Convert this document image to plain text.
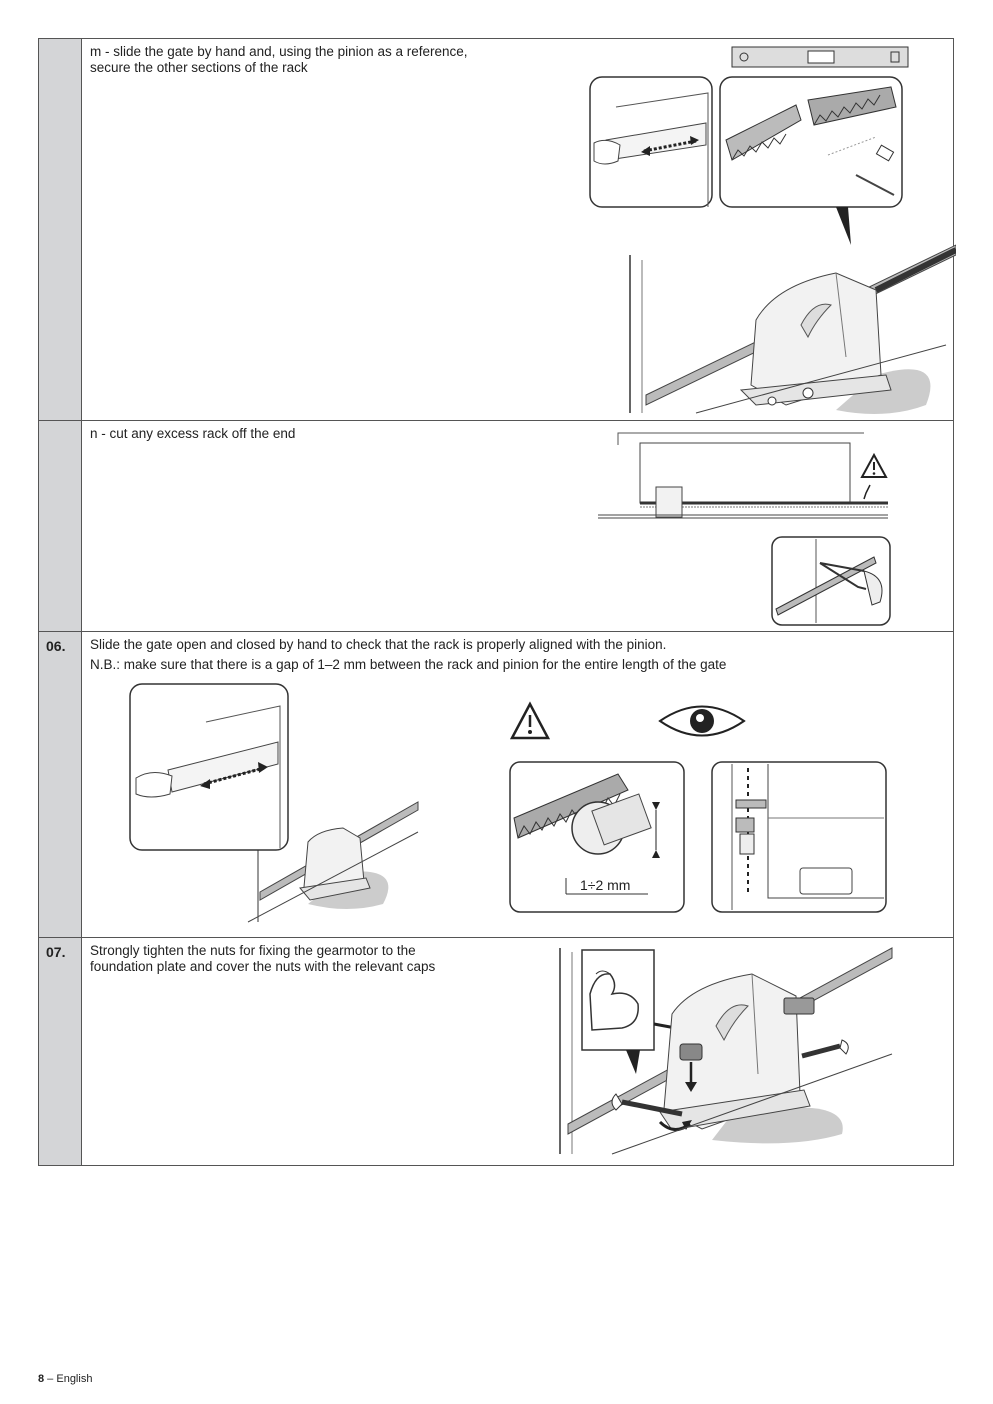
m - slide the gate by hand and, using the pinion as a reference, secure the other sections of the rack

n - cut any excess rack off the end

06.	Slide the gate open and closed by hand to check that the rack is properly aligned with the pinion.

N.B.: make sure that there is a gap of 1–2 mm between the rack and pinion for the entire length of the gate

1÷2 mm
07.	Strongly tighten the nuts for fixing the gearmotor to the foundation plate and cover the nuts with the relevant caps

8 – English
